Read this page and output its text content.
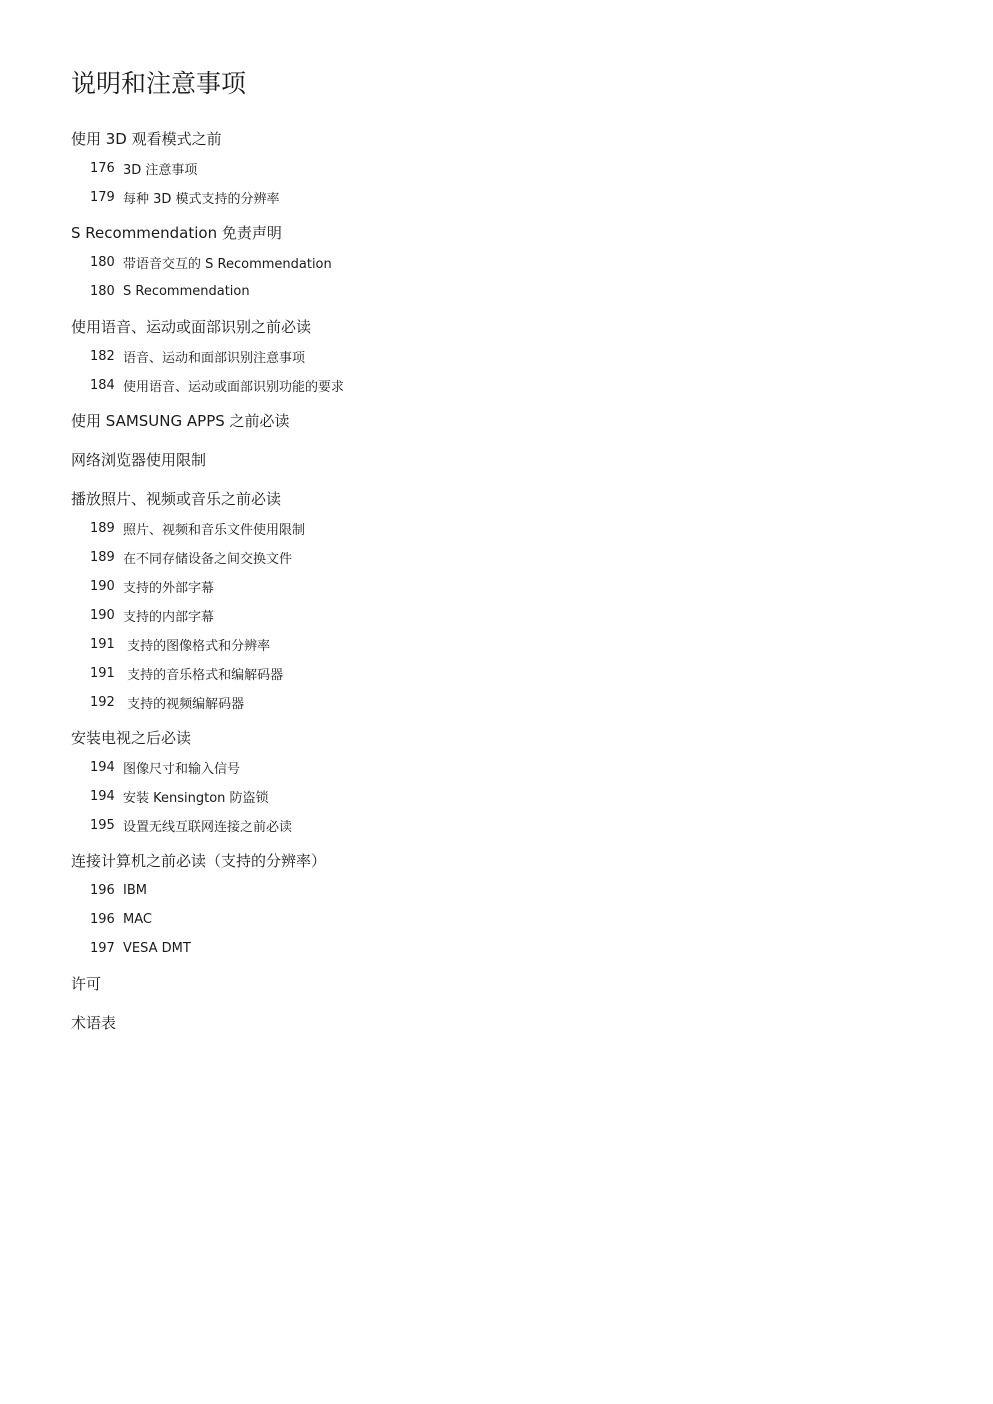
说明和注意事项
使用 3D 观看模式之前
176 3D 注意事项
179 每种 3D 模式支持的分辨率
S Recommendation 免责声明
180 带语音交互的 S Recommendation
180 S Recommendation
使用语音、运动或面部识别之前必读
182 语音、运动和面部识别注意事项
184 使用语音、运动或面部识别功能的要求
使用 SAMSUNG APPS 之前必读
网络浏览器使用限制
播放照片、视频或音乐之前必读
189 照片、视频和音乐文件使用限制
189 在不同存储设备之间交换文件
190 支持的外部字幕
190 支持的内部字幕
191 支持的图像格式和分辨率
191 支持的音乐格式和编解码器
192 支持的视频编解码器
安装电视之后必读
194 图像尺寸和输入信号
194 安装 Kensington 防盗锁
195 设置无线互联网连接之前必读
连接计算机之前必读（支持的分辨率）
196 IBM
196 MAC
197 VESA DMT
许可
术语表
